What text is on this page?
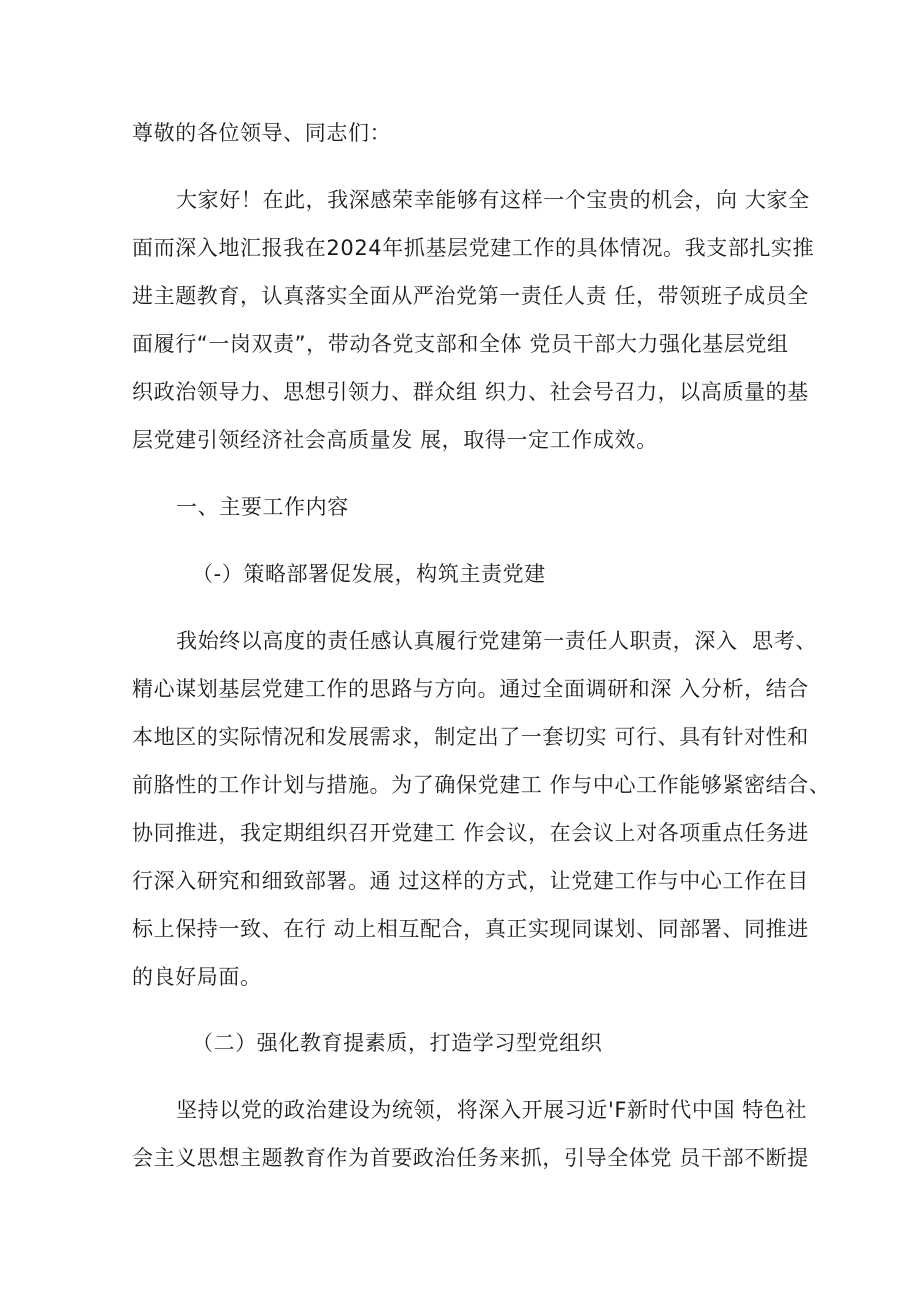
尊敬的各位领导、同志们：
大家好！在此，我深感荣幸能够有这样一个宝贵的机会，向 大家全
面而深入地汇报我在2024年抓基层党建工作的具体情况。我支部扎实推
进主题教育，认真落实全面从严治党第一责任人责 任，带领班子成员全
面履行“一岗双责”，带动各党支部和全体 党员干部大力强化基层党组
织政治领导力、思想引领力、群众组 织力、社会号召力，以高质量的基
层党建引领经济社会高质量发 展，取得一定工作成效。
一、主要工作内容
（-）策略部署促发展，构筑主责党建
我始终以高度的责任感认真履行党建第一责任人职责，深入  思考、
精心谋划基层党建工作的思路与方向。通过全面调研和深 入分析，结合
本地区的实际情况和发展需求，制定出了一套切实 可行、具有针对性和
前胳性的工作计划与措施。为了确保党建工 作与中心工作能够紧密结合、
协同推进，我定期组织召开党建工 作会议，在会议上对各项重点任务进
行深入研究和细致部署。通 过这样的方式，让党建工作与中心工作在目
标上保持一致、在行 动上相互配合，真正实现同谋划、同部署、同推进
的良好局面。
（二）强化教育提素质，打造学习型党组织
坚持以党的政治建设为统领，将深入开展习近'F新时代中国 特色社
会主义思想主题教育作为首要政治任务来抓，引导全体党 员干部不断提
